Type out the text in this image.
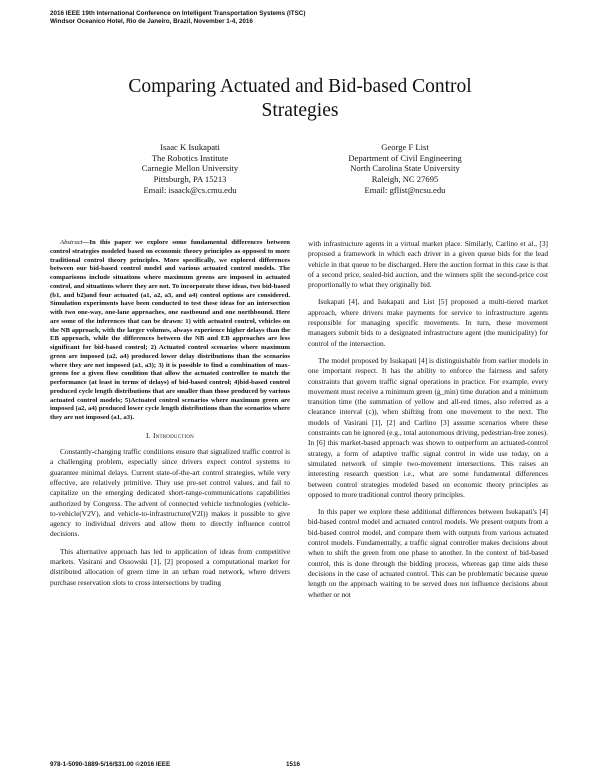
2016 IEEE 19th International Conference on Intelligent Transportation Systems (ITSC)
Windsor Oceanico Hotel, Rio de Janeiro, Brazil, November 1-4, 2016
Comparing Actuated and Bid-based Control
Strategies
Isaac K Isukapati
The Robotics Institute
Carnegie Mellon University
Pittsburgh, PA 15213
Email: isaack@cs.cmu.edu
George F List
Department of Civil Engineering
North Carolina State University
Raleigh, NC 27695
Email: gflist@ncsu.edu

Abstract—In this paper we explore some fundamental differences between control strategies modeled based on economic theory principles as opposed to more traditional control theory principles. More specifically, we explored differences between our bid-based control model and various actuated control models. The comparisons include situations where maximum greens are imposed in actuated control, and situations where they are not. To incorporate these ideas, two bid-based (b1, and b2)and four actuated (a1, a2, a3, and a4) control options are considered. Simulation experiments have been conducted to test these ideas for an intersection with two one-way, one-lane approaches, one eastbound and one northbound. Here are some of the inferences that can be drawn: 1) with actuated control, vehicles on the NB approach, with the larger volumes, always experience higher delays than the EB approach, while the differences between the NB and EB approaches are less significant for bid-based control; 2) Actuated control scenarios where maximum green are imposed (a2, a4) produced lower delay distributions than the scenarios where they are not imposed (a1, a3); 3) it is possible to find a combination of max-greens for a given flow condition that allow the actuated controller to match the performance (at least in terms of delays) of bid-based control; 4)bid-based control produced cycle length distributions that are smaller than those produced by various actuated control models; 5)Actuated control scenarios where maximum green are imposed (a2, a4) produced lower cycle length distributions than the scenarios where they are not imposed (a1, a3).

I. Introduction

Constantly-changing traffic conditions ensure that signalized traffic control is a challenging problem, especially since drivers expect control systems to guarantee minimal delays. Current state-of-the-art control strategies, while very effective, are relatively primitive. They use pre-set control values, and fail to capitalize on the emerging dedicated short-range-communications capabilities authorized by Congress. The advent of connected vehicle technologies (vehicle-to-vehicle(V2V), and vehicle-to-infrastructure(V2I)) makes it possible to give agency to individual drivers and allow them to directly influence control decisions.

This alternative approach has led to application of ideas from competitive markets. Vasirani and Ossowski [1], [2] proposed a computational market for distributed allocation of green time in an urban road network, where drivers purchase reservation slots to cross intersections by trading

with infrastructure agents in a virtual market place. Similarly, Carlino et al., [3] proposed a framework in which each driver in a given queue bids for the lead vehicle in that queue to be discharged. Here the auction format in this case is that of a second price, sealed-bid auction, and the winners split the second-price cost proportionally to what they originally bid.

Isukapati [4], and Isukapati and List [5] proposed a multi-tiered market approach, where drivers make payments for service to infrastructure agents responsible for managing specific movements. In turn, these movement managers submit bids to a designated infrastructure agent (the municipality) for control of the intersection.

The model proposed by Isukapati [4] is distinguishable from earlier models in one important respect. It has the ability to enforce the fairness and safety constraints that govern traffic signal operations in practice. For example, every movement must receive a minimum green (g_min) time duration and a minimum transition time (the summation of yellow and all-red times, also referred as a clearance interval (c)), when shifting from one movement to the next. The models of Vasirani [1], [2] and Carlino [3] assume scenarios where these constraints can be ignored (e.g., total autonomous driving, pedestrian-free zones). In [6] this market-based approach was shown to outperform an actuated-control strategy, a form of adaptive traffic signal control in wide use today, on a simulated network of simple two-movement intersections. This raises an interesting research question i.e., what are some fundamental differences between control strategies modeled based on economic theory principles as opposed to more traditional control theory principles.

In this paper we explore these additional differences between Isukapati's [4] bid-based control model and actuated control models. We present outputs from a bid-based control model, and compare them with outputs from various actuated control models. Fundamentally, a traffic signal controller makes decisions about when to shift the green from one phase to another. In the context of bid-based control, this is done through the bidding process, whereas gap time aids these decisions in the case of actuated control. This can be problematic because queue length on the approach waiting to be served does not influence decisions about whether or not

978-1-5090-1889-5/16/$31.00 ©2016 IEEE	1516
